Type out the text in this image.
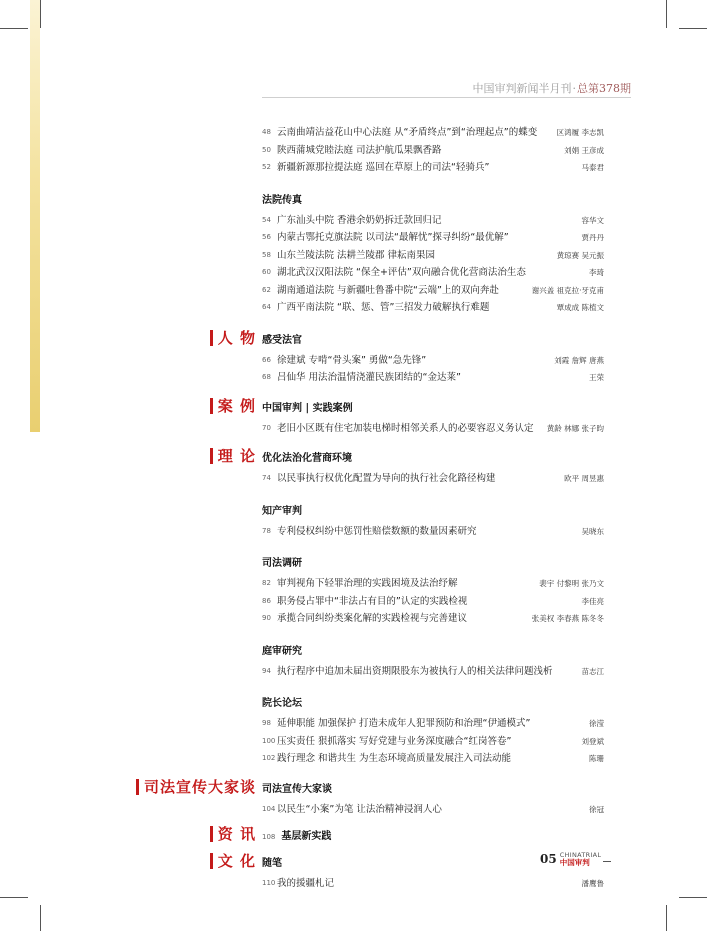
中国审判新闻半月刊·总第378期
48 云南曲靖沾益花山中心法庭 从“矛盾终点”到“治理起点”的蝶变	区鸿履 李志凯
50 陕西蒲城党睦法庭 司法护航瓜果飘香路	刘娟 王彦成
52 新疆新源那拉提法庭 巡回在草原上的司法“轻骑兵”	马泰君
法院传真
54 广东汕头中院 香港余奶奶拆迁款回归记	容华文
56 内蒙古鄂托克旗法院 以司法“最解忧”探寻纠纷“最优解”	贾丹丹
58 山东兰陵法院 法耕兰陵郡 律耘南果园	黄琼赛 吴元振
60 湖北武汉汉阳法院 “保全+评估”双向融合优化营商法治生态	李琦
62 湖南通道法院 与新疆吐鲁番中院“云端”上的双向奔赴	谢兴盖 祖克拉·牙克甫
64 广西平南法院 “联、惩、管”三招发力破解执行难题	覃成成 陈植文
人 物 感受法官
66 徐建斌 专啃“骨头案” 勇做“急先锋”	刘霞 詹辉 唐燕
68 吕仙华 用法治温情浇灌民族团结的“金达莱”	王荣
案 例 中国审判 | 实践案例
70 老旧小区既有住宅加装电梯时相邻关系人的必要容忍义务认定	黄龄 林娜 张子昀
理 论 优化法治化营商环境
74 以民事执行权优化配置为导向的执行社会化路径构建	欧平 周昱惠
知产审判
78 专利侵权纠纷中惩罚性赔偿数额的数量因素研究	吴晓东
司法调研
82 审判视角下轻罪治理的实践困境及法治纾解	裴宇 付黎明 张乃文
86 职务侵占罪中“非法占有目的”认定的实践检视	李佳亮
90 承揽合同纠纷类案化解的实践检视与完善建议	张美权 李春燕 陈冬冬
庭审研究
94 执行程序中追加未届出资期限股东为被执行人的相关法律问题浅析	苗志江
院长论坛
98 延伸职能 加强保护 打造未成年人犯罪预防和治理“伊通模式”	徐滢
100 压实责任 狠抓落实 写好党建与业务深度融合“红岗答卷”	刘登斌
102 践行理念 和谐共生 为生态环境高质量发展注入司法动能	陈珊
司法宣传大家谈 司法宣传大家谈
104 以民生“小案”为笔 让法治精神浸润人心	徐冠
资 讯 108 基层新实践
文 化 随笔
110 我的援疆札记	潘鹰鲁
05 CHINATRIAL
中国审判
